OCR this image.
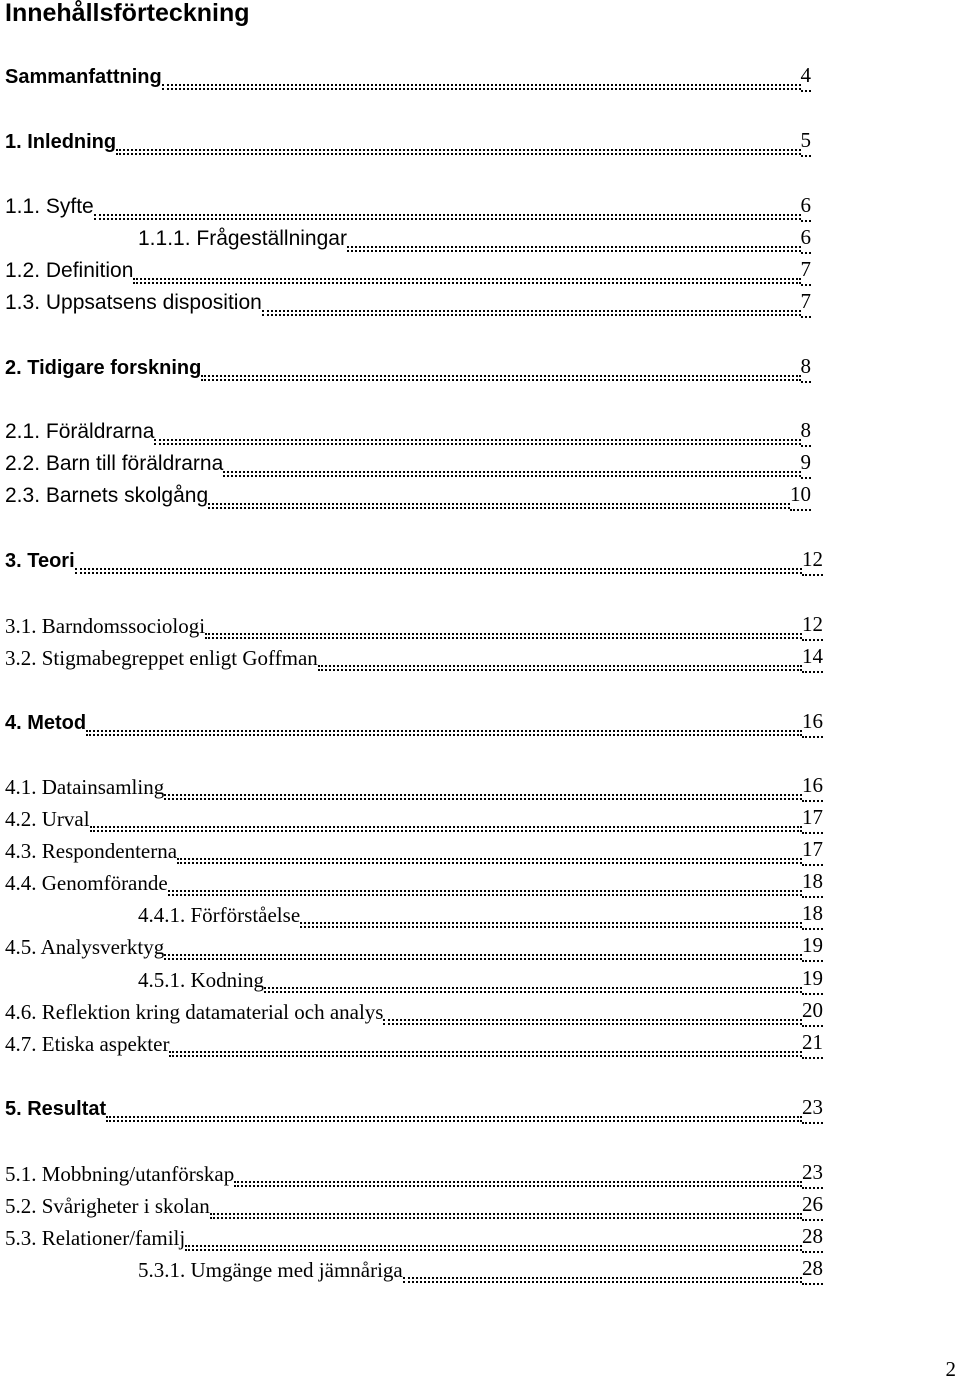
Innehållsförteckning
Sammanfattning	4
1. Inledning	5
1.1. Syfte	6
1.1.1. Frågeställningar	6
1.2. Definition	7
1.3. Uppsatsens disposition	7
2. Tidigare forskning	8
2.1. Föräldrarna	8
2.2. Barn till föräldrarna	9
2.3. Barnets skolgång	10
3. Teori	12
3.1. Barndomssociologi	12
3.2. Stigmabegreppet enligt Goffman	14
4. Metod	16
4.1. Datainsamling	16
4.2. Urval	17
4.3. Respondenterna	17
4.4. Genomförande	18
4.4.1. Förförståelse	18
4.5. Analysverktyg	19
4.5.1. Kodning	19
4.6. Reflektion kring datamaterial och analys	20
4.7. Etiska aspekter	21
5. Resultat	23
5.1. Mobbning/utanförskap	23
5.2. Svårigheter i skolan	26
5.3. Relationer/familj	28
5.3.1. Umgänge med jämnåriga	28
2
